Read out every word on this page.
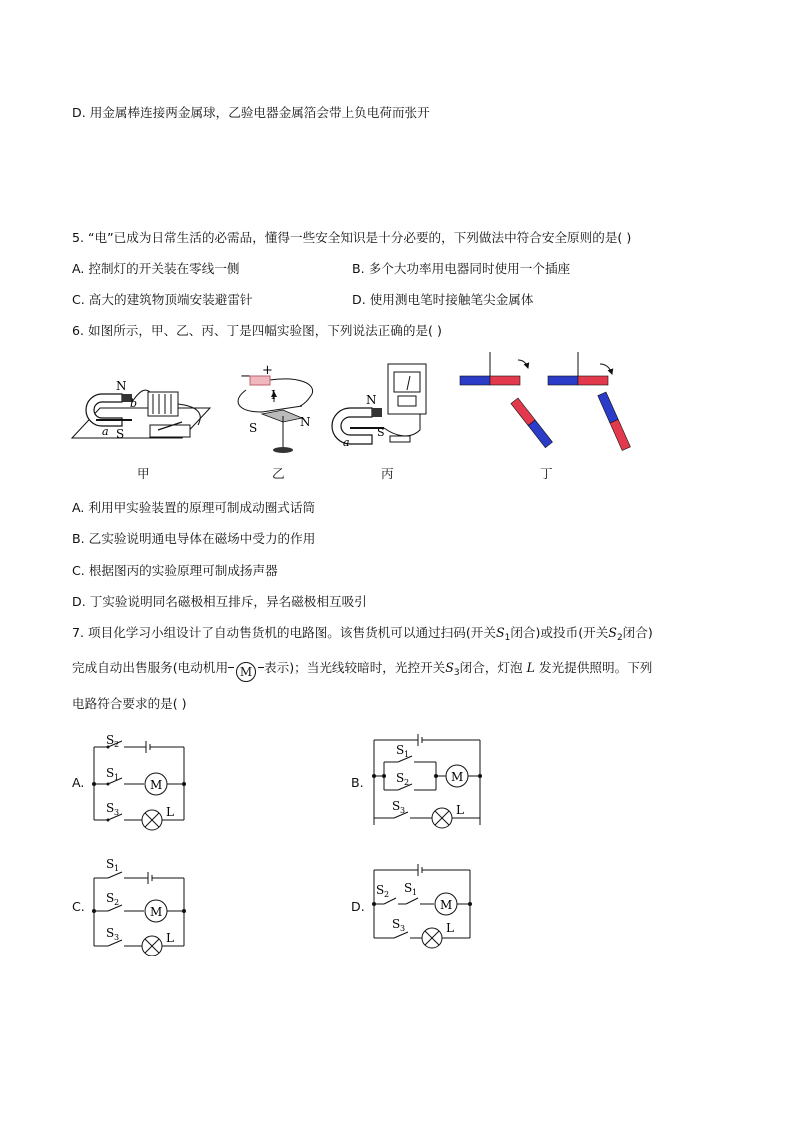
D. 用金属棒连接两金属球，乙验电器金属箔会带上负电荷而张开
5. “电”已成为日常生活的必需品，懂得一些安全知识是十分必要的，下列做法中符合安全原则的是( )
A. 控制灯的开关装在零线一侧	B. 多个大功率用电器同时使用一个插座
C. 高大的建筑物顶端安装避雷针	D. 使用测电笔时接触笔尖金属体
6. 如图所示，甲、乙、丙、丁是四幅实验图，下列说法正确的是( )
N
b
a S
− +
I
S	N
N
S
a
甲	乙	丙	丁
A. 利用甲实验装置的原理可制成动圈式话筒
B. 乙实验说明通电导体在磁场中受力的作用
C. 根据图丙的实验原理可制成扬声器
D. 丁实验说明同名磁极相互排斥，异名磁极相互吸引
7. 项目化学习小组设计了自动售货机的电路图。该售货机可以通过扫码(开关$S_1$闭合)或投币(开关$S_2$闭合)
完成自动出售服务(电动机用 M 表示)；当光线较暗时，光控开关$S_3$闭合，灯泡 L 发光提供照明。下列
电路符合要求的是( )
A.	B.
C.	D.
S 2
S 1
S 3
M
L
S 1
S 2
S 3
M
L
S 1
S 2
S 3
M
L
S 2 S 1
S 3
M
L
